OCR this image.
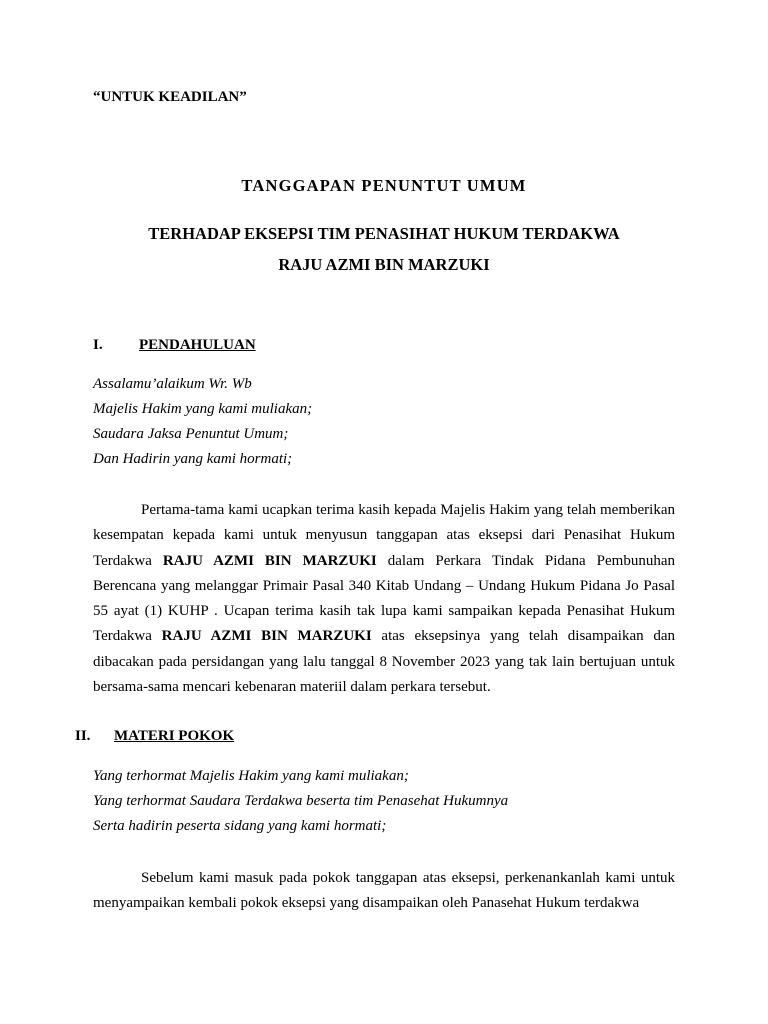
“UNTUK KEADILAN”
TANGGAPAN PENUNTUT UMUM
TERHADAP EKSEPSI TIM PENASIHAT HUKUM TERDAKWA
RAJU AZMI BIN MARZUKI
I. PENDAHULUAN
Assalamu’alaikum Wr. Wb
Majelis Hakim yang kami muliakan;
Saudara Jaksa Penuntut Umum;
Dan Hadirin yang kami hormati;

Pertama-tama kami ucapkan terima kasih kepada Majelis Hakim yang telah memberikan kesempatan kepada kami untuk menyusun tanggapan atas eksepsi dari Penasihat Hukum Terdakwa RAJU AZMI BIN MARZUKI dalam Perkara Tindak Pidana Pembunuhan Berencana yang melanggar Primair Pasal 340 Kitab Undang – Undang Hukum Pidana Jo Pasal 55 ayat (1) KUHP . Ucapan terima kasih tak lupa kami sampaikan kepada Penasihat Hukum Terdakwa RAJU AZMI BIN MARZUKI atas eksepsinya yang telah disampaikan dan dibacakan pada persidangan yang lalu tanggal 8 November 2023 yang tak lain bertujuan untuk bersama-sama mencari kebenaran materiil dalam perkara tersebut.

II. MATERI POKOK
Yang terhormat Majelis Hakim yang kami muliakan;
Yang terhormat Saudara Terdakwa beserta tim Penasehat Hukumnya
Serta hadirin peserta sidang yang kami hormati;

Sebelum kami masuk pada pokok tanggapan atas eksepsi, perkenankanlah kami untuk menyampaikan kembali pokok eksepsi yang disampaikan oleh Panasehat Hukum terdakwa
